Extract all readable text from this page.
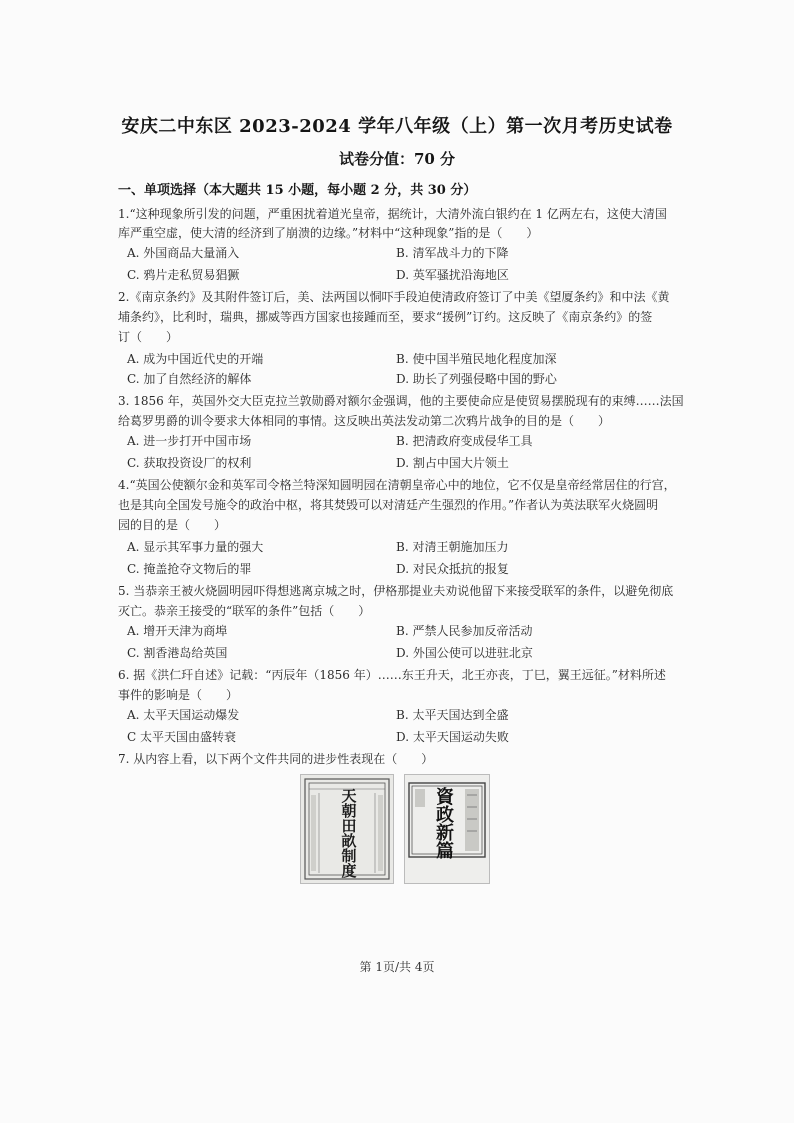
安庆二中东区 2023-2024 学年八年级（上）第一次月考历史试卷
试卷分值：70 分
一、单项选择（本大题共 15 小题，每小题 2 分，共 30 分）
1.“这种现象所引发的问题，严重困扰着道光皇帝，据统计，大清外流白银约在 1 亿两左右，这使大清国
库严重空虚，使大清的经济到了崩溃的边缘。”材料中“这种现象”指的是（　　）
A. 外国商品大量涌入	B. 清军战斗力的下降
C. 鸦片走私贸易猖獗	D. 英军骚扰沿海地区
2.《南京条约》及其附件签订后，美、法两国以恫吓手段迫使清政府签订了中美《望厦条约》和中法《黄
埔条约》，比利时，瑞典，挪威等西方国家也接踵而至，要求“援例”订约。这反映了《南京条约》的签
订（　　）
A. 成为中国近代史的开端	B. 使中国半殖民地化程度加深
C. 加了自然经济的解体	D. 助长了列强侵略中国的野心
3. 1856 年，英国外交大臣克拉兰敦勋爵对额尔金强调，他的主要使命应是使贸易摆脱现有的束缚……法国
给葛罗男爵的训令要求大体相同的事情。这反映出英法发动第二次鸦片战争的目的是（　　）
A. 进一步打开中国市场	B. 把清政府变成侵华工具
C. 获取投资设厂的权利	D. 割占中国大片领土
4.“英国公使额尔金和英军司令格兰特深知圆明园在清朝皇帝心中的地位，它不仅是皇帝经常居住的行宫，
也是其向全国发号施令的政治中枢，将其焚毁可以对清廷产生强烈的作用。”作者认为英法联军火烧圆明
园的目的是（　　）
A. 显示其军事力量的强大	B. 对清王朝施加压力
C. 掩盖抢夺文物后的罪	D. 对民众抵抗的报复
5. 当恭亲王被火烧圆明园吓得想逃离京城之时，伊格那提业夫劝说他留下来接受联军的条件，以避免彻底
灭亡。恭亲王接受的“联军的条件”包括（　　）
A. 增开天津为商埠	B. 严禁人民参加反帝活动
C. 割香港岛给英国	D. 外国公使可以进驻北京
6. 据《洪仁玕自述》记载：“丙辰年（1856 年）……东王升天，北王亦丧，丁巳，翼王远征。”材料所述
事件的影响是（　　）
A. 太平天国运动爆发	B. 太平天国达到全盛
C 太平天国由盛转衰	D. 太平天国运动失败
7. 从内容上看，以下两个文件共同的进步性表现在（　　）
天
朝
田
畝
制
度
資
政
新
篇
第 1页/共 4页
